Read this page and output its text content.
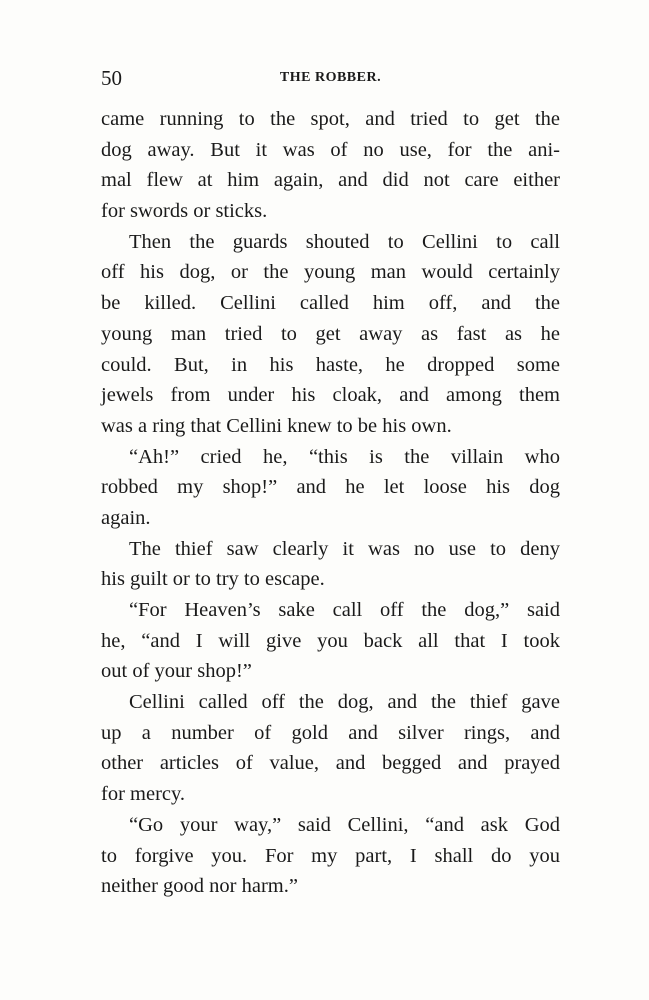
50	THE ROBBER.
came running to the spot, and tried to get the
dog away. But it was of no use, for the ani-
mal flew at him again, and did not care either
for swords or sticks.
Then the guards shouted to Cellini to call
off his dog, or the young man would certainly
be killed. Cellini called him off, and the
young man tried to get away as fast as he
could. But, in his haste, he dropped some
jewels from under his cloak, and among them
was a ring that Cellini knew to be his own.
“Ah!” cried he, “this is the villain who
robbed my shop!” and he let loose his dog
again.
The thief saw clearly it was no use to deny
his guilt or to try to escape.
“For Heaven’s sake call off the dog,” said
he, “and I will give you back all that I took
out of your shop!”
Cellini called off the dog, and the thief gave
up a number of gold and silver rings, and
other articles of value, and begged and prayed
for mercy.
“Go your way,” said Cellini, “and ask God
to forgive you. For my part, I shall do you
neither good nor harm.”
